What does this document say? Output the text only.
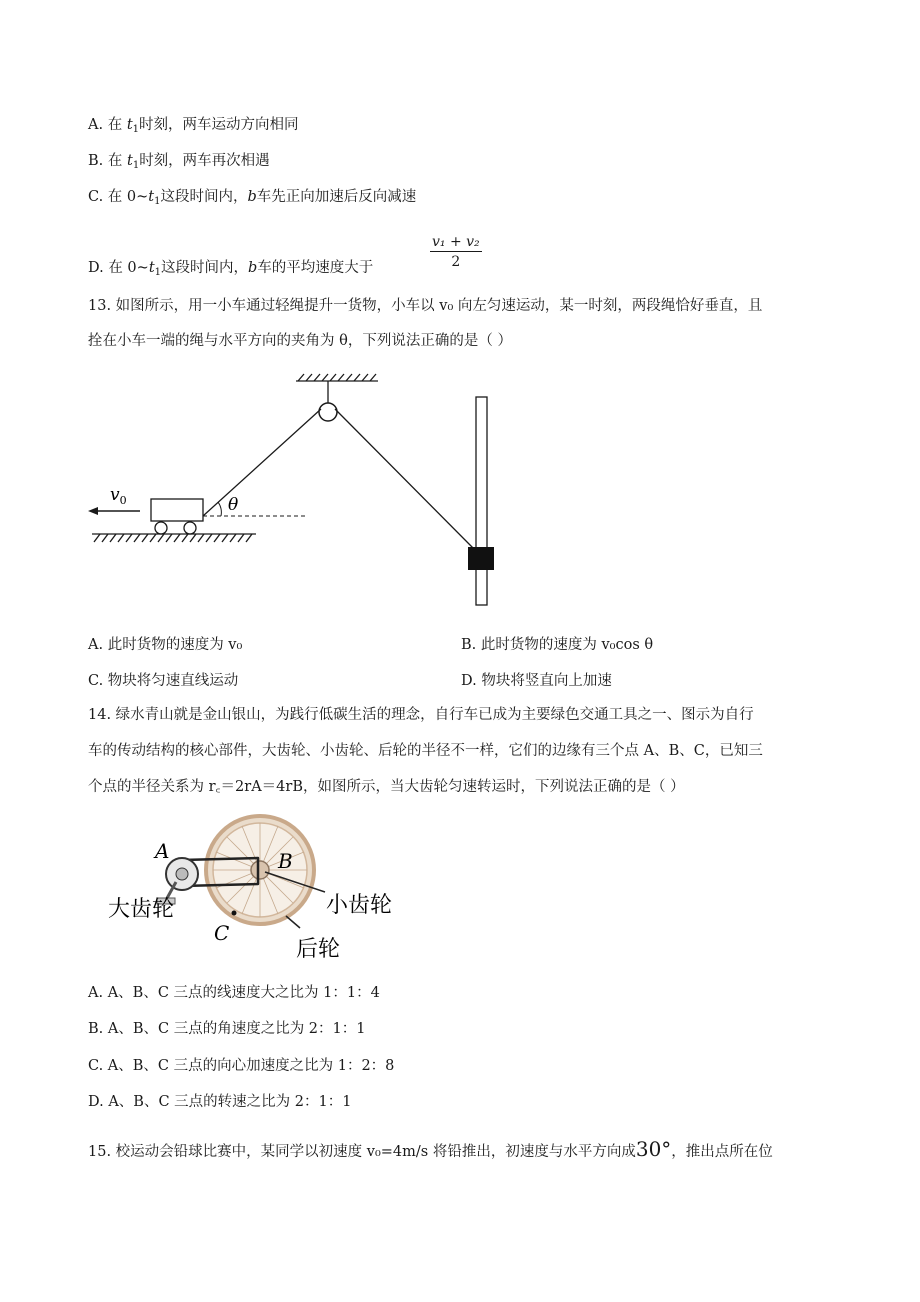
A. 在 $t_1$时刻，两车运动方向相同
B. 在 $t_1$时刻，两车再次相遇
C. 在 $0\sim t_1$这段时间内，b车先正向加速后反向减速
D. 在 $0\sim t_1$这段时间内，b车的平均速度大于	$\frac{\text{v₁ + v₂}}{2}$
13. 如图所示，用一小车通过轻绳提升一货物，小车以 v₀ 向左匀速运动，某一时刻，两段绳恰好垂直，且
拴在小车一端的绳与水平方向的夹角为 θ，下列说法正确的是（ ）
$v_0$	θ
A. 此时货物的速度为 v₀	B. 此时货物的速度为 v₀cos θ
C. 物块将匀速直线运动	D. 物块将竖直向上加速
14. 绿水青山就是金山银山，为践行低碳生活的理念，自行车已成为主要绿色交通工具之一、图示为自行
车的传动结构的核心部件，大齿轮、小齿轮、后轮的半径不一样，它们的边缘有三个点 A、B、C，已知三
个点的半径关系为 r꜀＝2rA＝4rB，如图所示，当大齿轮匀速转运时，下列说法正确的是（ ）
A	B
C
大齿轮	小齿轮
后轮
A. A、B、C 三点的线速度大之比为 1：1：4
B. A、B、C 三点的角速度之比为 2：1：1
C. A、B、C 三点的向心加速度之比为 1：2：8
D. A、B、C 三点的转速之比为 2：1：1
15. 校运动会铅球比赛中，某同学以初速度 v₀=4m/s 将铅推出，初速度与水平方向成30°，推出点所在位
